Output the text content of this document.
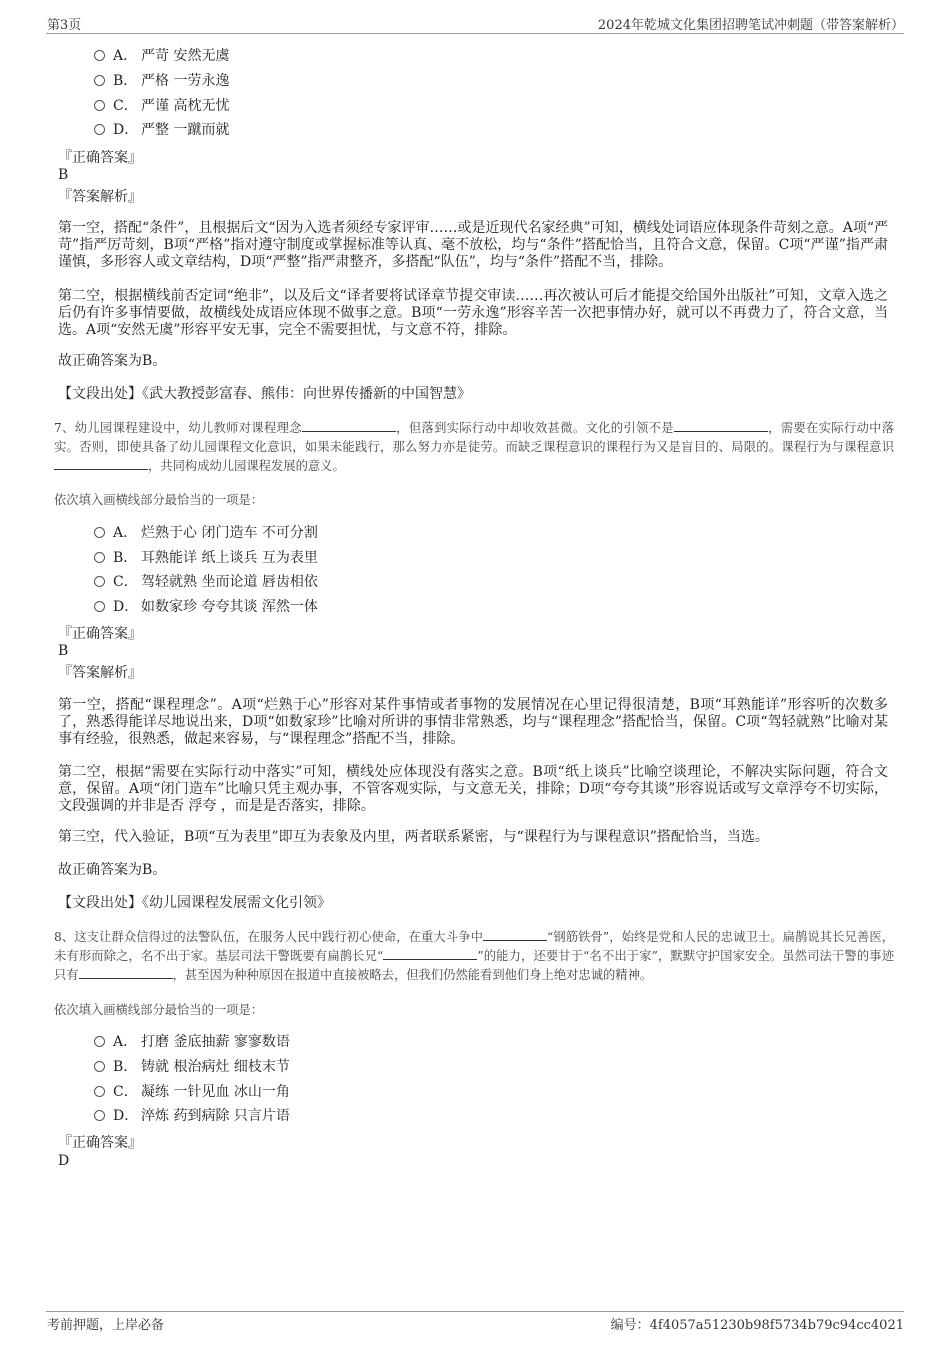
第3页	2024年乾城文化集团招聘笔试冲刺题（带答案解析）
A． 严苛 安然无虞
B． 严格 一劳永逸
C． 严谨 高枕无忧
D． 严整 一蹴而就
『正确答案』
B
『答案解析』
第一空，搭配“条件”，且根据后文“因为入选者须经专家评审……或是近现代名家经典”可知，横线处词语应体现条件苛刻之意。A项“严苛”指严厉苛刻，B项“严格”指对遵守制度或掌握标准等认真、毫不放松，均与“条件”搭配恰当，且符合文意，保留。C项“严谨”指严肃谨慎，多形容人或文章结构，D项“严整”指严肃整齐，多搭配“队伍”，均与“条件”搭配不当，排除。
第二空，根据横线前否定词“绝非”，以及后文“译者要将试译章节提交审读……再次被认可后才能提交给国外出版社”可知，文章入选之后仍有许多事情要做，故横线处成语应体现不做事之意。B项“一劳永逸”形容辛苦一次把事情办好，就可以不再费力了，符合文意，当选。A项“安然无虞”形容平安无事，完全不需要担忧，与文意不符，排除。
故正确答案为B。
【文段出处】《武大教授彭富春、熊伟：向世界传播新的中国智慧》
7、幼儿园课程建设中，幼儿教师对课程理念	，但落到实际行动中却收效甚微。文化的引领不是	，需要在实际行动中落实。否则，即使具备了幼儿园课程文化意识，如果未能践行，那么努力亦是徒劳。而缺乏课程意识的课程行为又是盲目的、局限的。课程行为与课程意识，共同构成幼儿园课程发展的意义。
依次填入画横线部分最恰当的一项是：
A． 烂熟于心 闭门造车 不可分割
B． 耳熟能详 纸上谈兵 互为表里
C． 驾轻就熟 坐而论道 唇齿相依
D． 如数家珍 夸夸其谈 浑然一体
『正确答案』
B
『答案解析』
第一空，搭配“课程理念”。A项“烂熟于心”形容对某件事情或者事物的发展情况在心里记得很清楚，B项“耳熟能详”形容听的次数多了，熟悉得能详尽地说出来，D项“如数家珍”比喻对所讲的事情非常熟悉，均与“课程理念”搭配恰当，保留。C项“驾轻就熟”比喻对某事有经验，很熟悉，做起来容易，与“课程理念”搭配不当，排除。
第二空，根据“需要在实际行动中落实”可知，横线处应体现没有落实之意。B项“纸上谈兵”比喻空谈理论，不解决实际问题，符合文意，保留。A项“闭门造车”比喻只凭主观办事，不管客观实际，与文意无关，排除；D项“夸夸其谈”形容说话或写文章浮夸不切实际，文段强调的并非是否 浮夸 ，而是是否落实，排除。
第三空，代入验证，B项“互为表里”即互为表象及内里，两者联系紧密，与“课程行为与课程意识”搭配恰当，当选。
故正确答案为B。
【文段出处】《幼儿园课程发展需文化引领》
8、这支让群众信得过的法警队伍，在服务人民中践行初心使命，在重大斗争中	“钢筋铁骨”，始终是党和人民的忠诚卫士。扁鹊说其长兄善医，未有形而除之，名不出于家。基层司法干警既要有扁鹊长兄“	”的能力，还要甘于“名不出于家”，默默守护国家安全。虽然司法干警的事迹只有	，甚至因为种种原因在报道中直接被略去，但我们仍然能看到他们身上绝对忠诚的精神。
依次填入画横线部分最恰当的一项是：
A． 打磨 釜底抽薪 寥寥数语
B． 铸就 根治病灶 细枝末节
C． 凝练 一针见血 冰山一角
D． 淬炼 药到病除 只言片语
『正确答案』
D
考前押题，上岸必备	编号：4f4057a51230b98f5734b79c94cc4021
